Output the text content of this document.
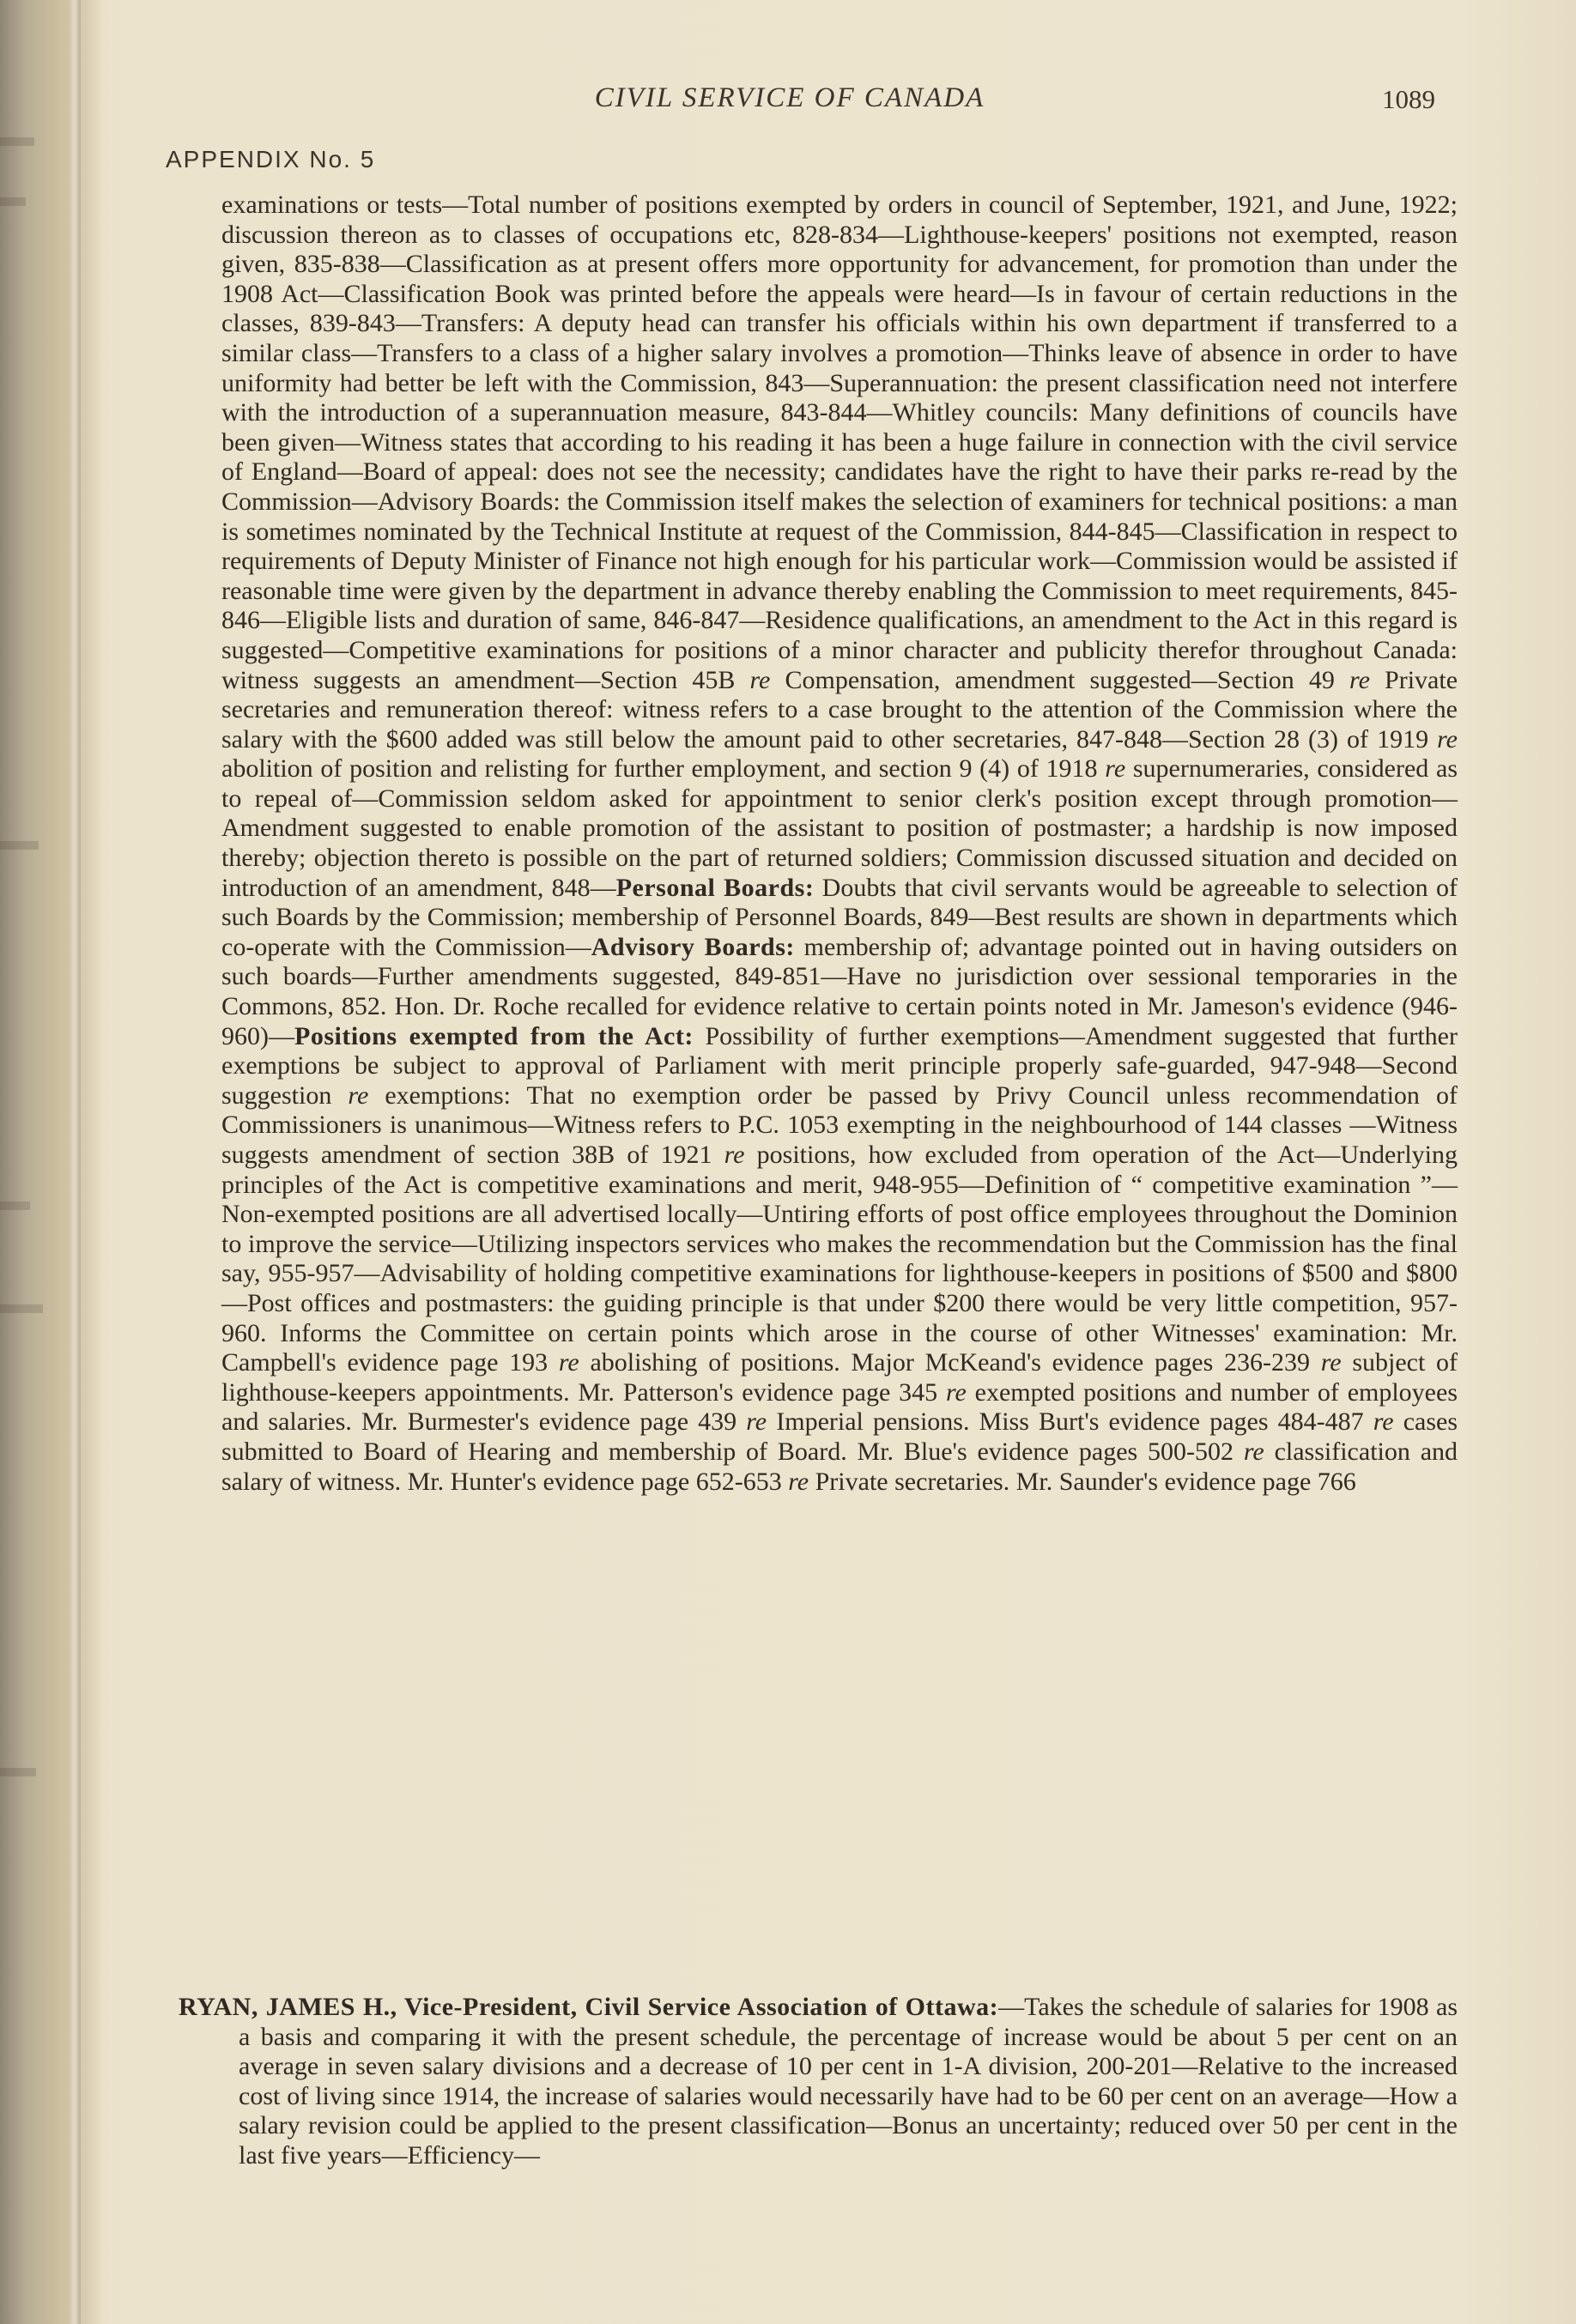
CIVIL SERVICE OF CANADA	1089
APPENDIX No. 5

examinations or tests—Total number of positions exempted by orders in council of September, 1921, and June, 1922; discussion thereon as to classes of occupations etc, 828-834—Lighthouse-keepers' positions not exempted, reason given, 835-838—Classification as at present offers more opportunity for advancement, for promotion than under the 1908 Act—Classification Book was printed before the appeals were heard—Is in favour of certain reductions in the classes, 839-843—Transfers: A deputy head can transfer his officials within his own department if transferred to a similar class—Transfers to a class of a higher salary involves a promotion—Thinks leave of absence in order to have uniformity had better be left with the Commission, 843—Superannuation: the present classification need not interfere with the introduction of a superannuation measure, 843-844—Whitley councils: Many definitions of councils have been given—Witness states that according to his reading it has been a huge failure in connection with the civil service of England—Board of appeal: does not see the necessity; candidates have the right to have their parks re-read by the Commission—Advisory Boards: the Commission itself makes the selection of examiners for technical positions: a man is sometimes nominated by the Technical Institute at request of the Commission, 844-845—Classification in respect to requirements of Deputy Minister of Finance not high enough for his particular work—Commission would be assisted if reasonable time were given by the department in advance thereby enabling the Commission to meet requirements, 845-846—Eligible lists and duration of same, 846-847—Residence qualifications, an amendment to the Act in this regard is suggested—Competitive examinations for positions of a minor character and publicity therefor throughout Canada: witness suggests an amendment—Section 45B re Compensation, amendment suggested—Section 49 re Private secretaries and remuneration thereof: witness refers to a case brought to the attention of the Commission where the salary with the $600 added was still below the amount paid to other secretaries, 847-848—Section 28 (3) of 1919 re abolition of position and relisting for further employment, and section 9 (4) of 1918 re supernumeraries, considered as to repeal of—Commission seldom asked for appointment to senior clerk's position except through promotion—Amendment suggested to enable promotion of the assistant to position of postmaster; a hardship is now imposed thereby; objection thereto is possible on the part of returned soldiers; Commission discussed situation and decided on introduction of an amendment, 848—Personal Boards: Doubts that civil servants would be agreeable to selection of such Boards by the Commission; membership of Personnel Boards, 849—Best results are shown in departments which co-operate with the Commission—Advisory Boards: membership of; advantage pointed out in having outsiders on such boards—Further amendments suggested, 849-851—Have no jurisdiction over sessional temporaries in the Commons, 852. Hon. Dr. Roche recalled for evidence relative to certain points noted in Mr. Jameson's evidence (946-960)—Positions exempted from the Act: Possibility of further exemptions—Amendment suggested that further exemptions be subject to approval of Parliament with merit principle properly safe-guarded, 947-948—Second suggestion re exemptions: That no exemption order be passed by Privy Council unless recommendation of Commissioners is unanimous—Witness refers to P.C. 1053 exempting in the neighbourhood of 144 classes —Witness suggests amendment of section 38B of 1921 re positions, how excluded from operation of the Act—Underlying principles of the Act is competitive examinations and merit, 948-955—Definition of “ competitive examination ”—Non-exempted positions are all advertised locally—Untiring efforts of post office employees throughout the Dominion to improve the service—Utilizing inspectors services who makes the recommendation but the Commission has the final say, 955-957—Advisability of holding competitive examinations for lighthouse-keepers in positions of $500 and $800—Post offices and postmasters: the guiding principle is that under $200 there would be very little competition, 957-960. Informs the Committee on certain points which arose in the course of other Witnesses' examination: Mr. Campbell's evidence page 193 re abolishing of positions. Major McKeand's evidence pages 236-239 re subject of lighthouse-keepers appointments. Mr. Patterson's evidence page 345 re exempted positions and number of employees and salaries. Mr. Burmester's evidence page 439 re Imperial pensions. Miss Burt's evidence pages 484-487 re cases submitted to Board of Hearing and membership of Board. Mr. Blue's evidence pages 500-502 re classification and salary of witness. Mr. Hunter's evidence page 652-653 re Private secretaries. Mr. Saunder's evidence page 766

RYAN, JAMES H., Vice-President, Civil Service Association of Ottawa:—Takes the schedule of salaries for 1908 as a basis and comparing it with the present schedule, the percentage of increase would be about 5 per cent on an average in seven salary divisions and a decrease of 10 per cent in 1-A division, 200-201—Relative to the increased cost of living since 1914, the increase of salaries would necessarily have had to be 60 per cent on an average—How a salary revision could be applied to the present classification—Bonus an uncertainty; reduced over 50 per cent in the last five years—Efficiency—
